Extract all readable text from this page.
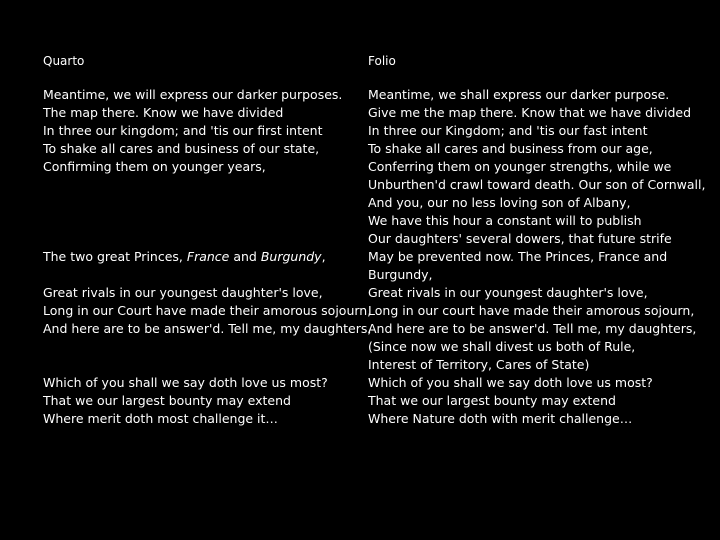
Quarto
Meantime, we will express our darker purposes.
The map there. Know we have divided
In three our kingdom; and 'tis our first intent
To shake all cares and business of our state,
Confirming them on younger years,
The two great Princes, France and Burgundy,
Great rivals in our youngest daughter's love,
Long in our Court have made their amorous sojourn,
And here are to be answer'd. Tell me, my daughters,
Which of you shall we say doth love us most?
That we our largest bounty may extend
Where merit doth most challenge it…
Folio
Meantime, we shall express our darker purpose.
Give me the map there. Know that we have divided
In three our Kingdom; and 'tis our fast intent
To shake all cares and business from our age,
Conferring them on younger strengths, while we
Unburthen'd crawl toward death. Our son of Cornwall,
And you, our no less loving son of Albany,
We have this hour a constant will to publish
Our daughters' several dowers, that future strife
May be prevented now. The Princes, France and
Burgundy,
Great rivals in our youngest daughter's love,
Long in our court have made their amorous sojourn,
And here are to be answer'd. Tell me, my daughters,
(Since now we shall divest us both of Rule,
Interest of Territory, Cares of State)
Which of you shall we say doth love us most?
That we our largest bounty may extend
Where Nature doth with merit challenge…
